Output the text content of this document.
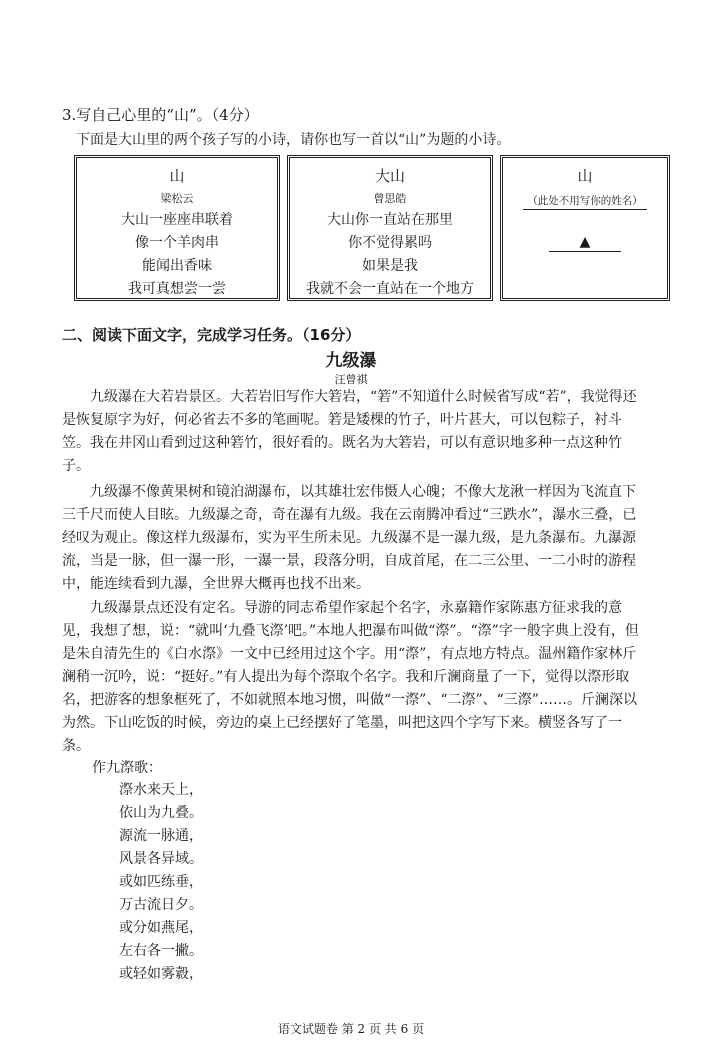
3.写自己心里的“山”。（4分）
下面是大山里的两个孩子写的小诗，请你也写一首以“山”为题的小诗。
山
梁松云
大山一座座串联着
像一个羊肉串
能闻出香味
我可真想尝一尝
大山
曾思皓
大山你一直站在那里
你不觉得累吗
如果是我
我就不会一直站在一个地方
山
（此处不用写你的姓名）
▲
二、阅读下面文字，完成学习任务。（16分）
九级瀑
汪曾祺

九级瀑在大若岩景区。大若岩旧写作大箬岩，“箬”不知道什么时候省写成“若”，我觉得还是恢复原字为好，何必省去不多的笔画呢。箬是矮棵的竹子，叶片甚大，可以包粽子，衬斗笠。我在井冈山看到过这种箬竹，很好看的。既名为大箬岩，可以有意识地多种一点这种竹子。

九级瀑不像黄果树和镜泊湖瀑布，以其雄壮宏伟慑人心魄；不像大龙湫一样因为飞流直下三千尺而使人目眩。九级瀑之奇，奇在瀑有九级。我在云南腾冲看过“三跌水”，瀑水三叠，已经叹为观止。像这样九级瀑布，实为平生所未见。九级瀑不是一瀑九级，是九条瀑布。九瀑源流，当是一脉，但一瀑一形，一瀑一景，段落分明，自成首尾，在二三公里、一二小时的游程中，能连续看到九瀑，全世界大概再也找不出来。

九级瀑景点还没有定名。导游的同志希望作家起个名字，永嘉籍作家陈惠方征求我的意见，我想了想，说：“就叫‘九叠飞漈’吧。”本地人把瀑布叫做“漈”。“漈”字一般字典上没有，但是朱自清先生的《白水漈》一文中已经用过这个字。用“漈”，有点地方特点。温州籍作家林斤澜稍一沉吟，说：“挺好。”有人提出为每个漈取个名字。我和斤澜商量了一下，觉得以漈形取名，把游客的想象框死了，不如就照本地习惯，叫做“一漈”、“二漈”、“三漈”……。斤澜深以为然。下山吃饭的时候，旁边的桌上已经摆好了笔墨，叫把这四个字写下来。横竖各写了一条。

作九漈歌：
漈水来天上，
依山为九叠。
源流一脉通，
风景各异域。
或如匹练垂，
万古流日夕。
或分如燕尾，
左右各一撇。
或轻如雾縠，
语文试题卷 第 2 页 共 6 页
